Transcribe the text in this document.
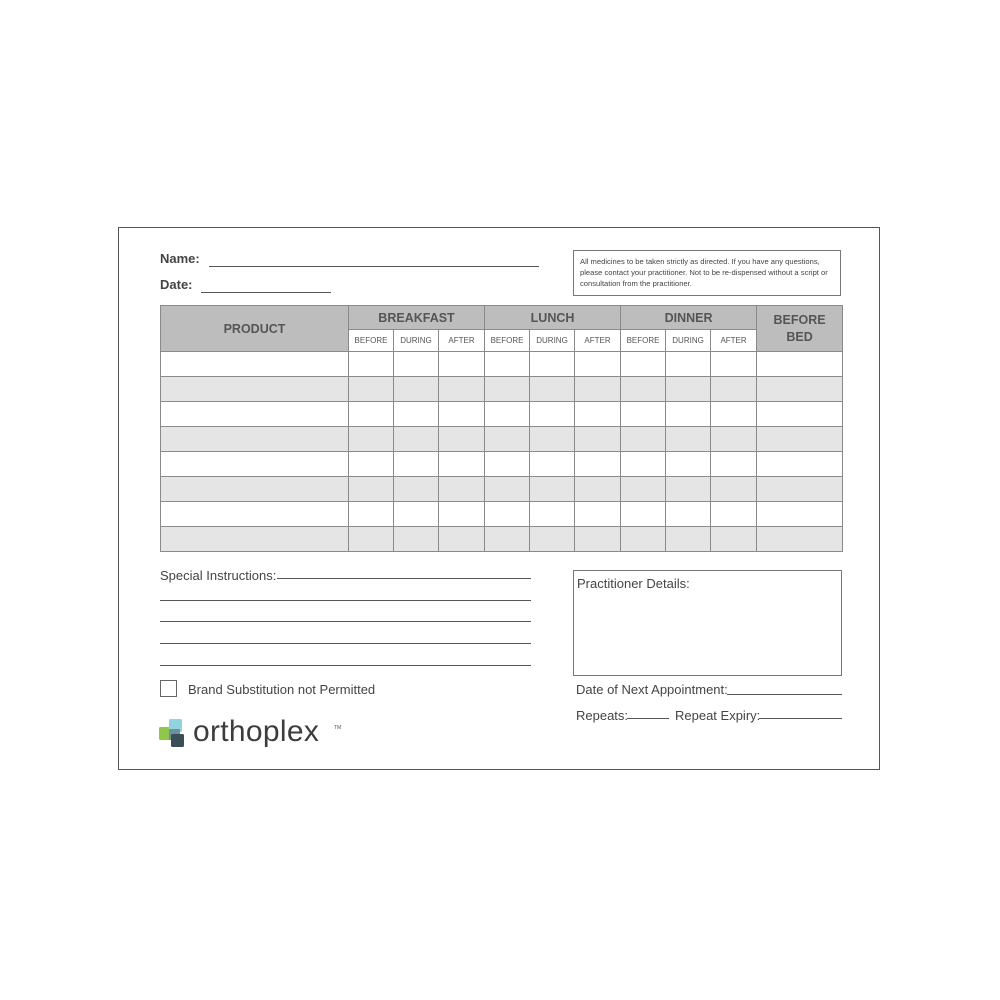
Name:
Date:
All medicines to be taken strictly as directed. If you have any questions, please contact your practitioner. Not to be re-dispensed without a script or consultation from the practitioner.
PRODUCT	BREAKFAST			LUNCH			DINNER			BEFORE BED
	BEFORE	DURING	AFTER	BEFORE	DURING	AFTER	BEFORE	DURING	AFTER	

Special Instructions:
Practitioner Details:
Brand Substitution not Permitted	Date of Next Appointment:
Repeats:	Repeat Expiry:
orthoplex	TM
